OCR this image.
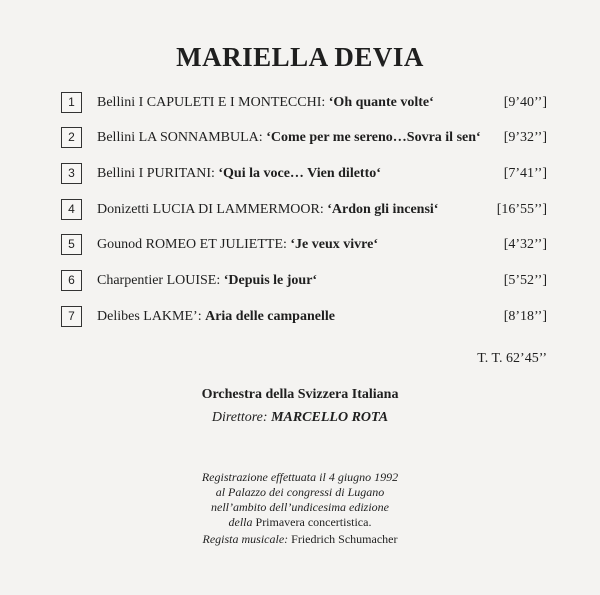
MARIELLA DEVIA
1	Bellini I CAPULETI E I MONTECCHI: ‘Oh quante volte‘	[9’40’’]
2	Bellini LA SONNAMBULA: ‘Come per me sereno…Sovra il sen‘ [9’32’’]
3	Bellini I PURITANI: ‘Qui la voce… Vien diletto‘	[7’41’’]
4	Donizetti LUCIA DI LAMMERMOOR: ‘Ardon gli incensi‘	[16’55’’]
5	Gounod ROMEO ET JULIETTE: ‘Je veux vivre‘	[4’32’’]
6	Charpentier LOUISE: ‘Depuis le jour‘	[5’52’’]
7	Delibes LAKME’: Aria delle campanelle	[8’18’’]
T. T. 62’45’’
Orchestra della Svizzera Italiana
Direttore: MARCELLO ROTA
Registrazione effettuata il 4 giugno 1992
al Palazzo dei congressi di Lugano
nell’ambito dell’undicesima edizione
della Primavera concertistica.
Regista musicale: Friedrich Schumacher
